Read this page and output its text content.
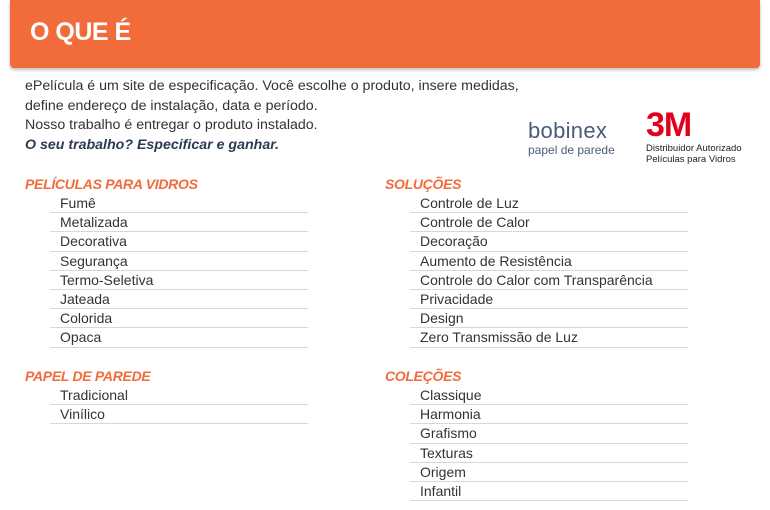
O QUE É
ePelícula é um site de especificação. Você escolhe o produto, insere medidas,
define endereço de instalação, data e período.
Nosso trabalho é entregar o produto instalado.
O seu trabalho? Especificar e ganhar.
bobinex
papel de parede
3M
Distribuidor Autorizado
Películas para Vidros
PELÍCULAS PARA VIDROS
Fumê
Metalizada
Decorativa
Segurança
Termo-Seletiva
Jateada
Colorida
Opaca
SOLUÇÕES
Controle de Luz
Controle de Calor
Decoração
Aumento de Resistência
Controle do Calor com Transparência
Privacidade
Design
Zero Transmissão de Luz
PAPEL DE PAREDE
Tradicional
Vinílico
COLEÇÕES
Classique
Harmonia
Grafismo
Texturas
Origem
Infantil
